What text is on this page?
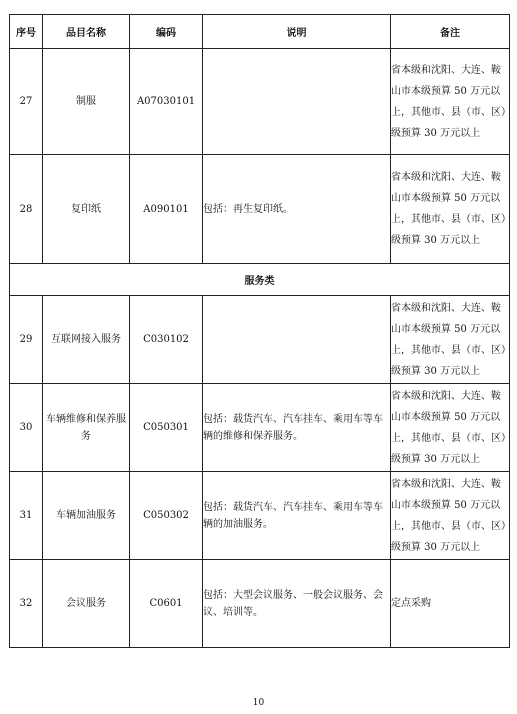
序号	品目名称	编码	说明	备注
27	制服	A07030101		省本级和沈阳、大连、鞍山市本级预算 50 万元以上，其他市、县（市、区）级预算 30 万元以上
28	复印纸	A090101	包括：再生复印纸。	省本级和沈阳、大连、鞍山市本级预算 50 万元以上，其他市、县（市、区）级预算 30 万元以上
服务类				
29	互联网接入服务	C030102		省本级和沈阳、大连、鞍山市本级预算 50 万元以上，其他市、县（市、区）级预算 30 万元以上
30	车辆维修和保养服务	C050301	包括：载货汽车、汽车挂车、乘用车等车辆的维修和保养服务。	省本级和沈阳、大连、鞍山市本级预算 50 万元以上，其他市、县（市、区）级预算 30 万元以上
31	车辆加油服务	C050302	包括：载货汽车、汽车挂车、乘用车等车辆的加油服务。	省本级和沈阳、大连、鞍山市本级预算 50 万元以上，其他市、县（市、区）级预算 30 万元以上
32	会议服务	C0601	包括：大型会议服务、一般会议服务、会议、培训等。	定点采购
10
